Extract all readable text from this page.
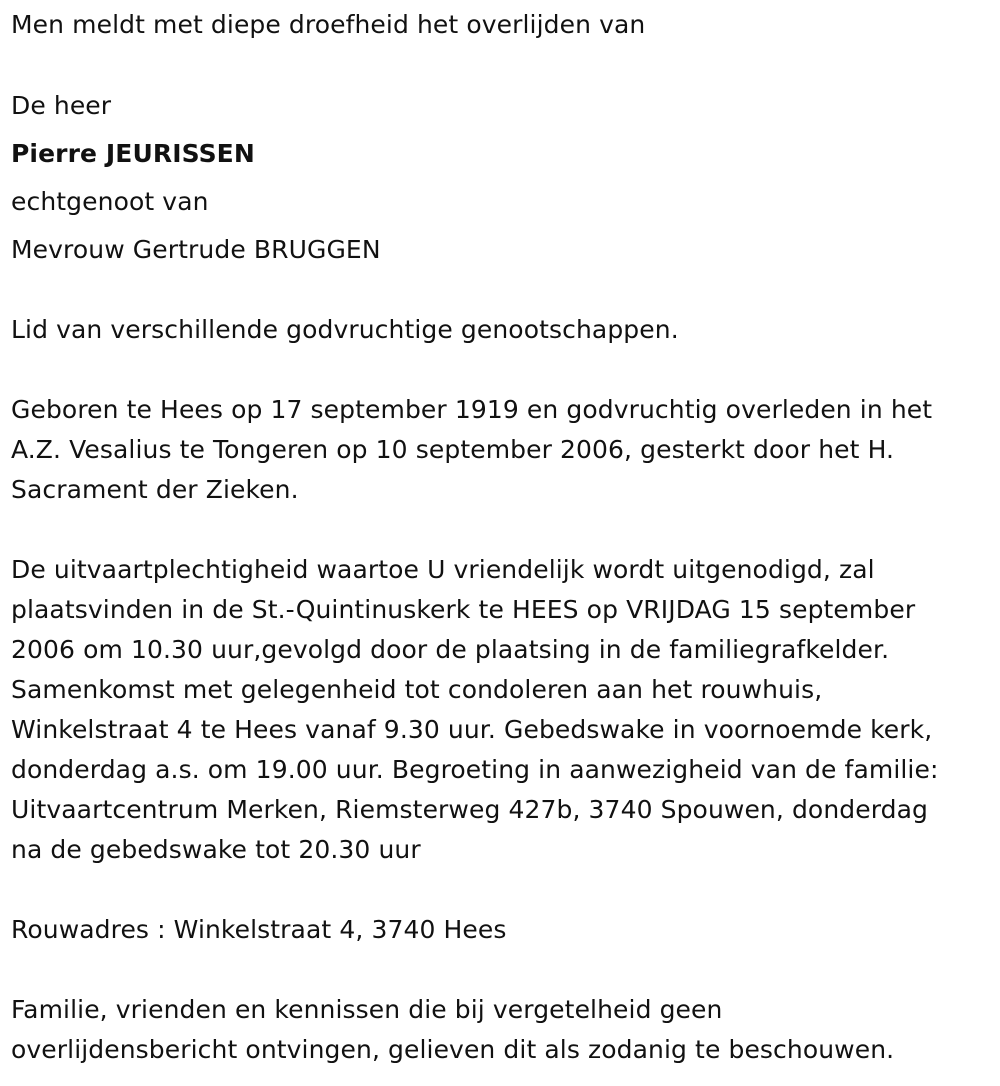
Men meldt met diepe droefheid het overlijden van
De heer
Pierre JEURISSEN
echtgenoot van
Mevrouw Gertrude BRUGGEN
Lid van verschillende godvruchtige genootschappen.
Geboren te Hees op 17 september 1919 en godvruchtig overleden in het
A.Z. Vesalius te Tongeren op 10 september 2006, gesterkt door het H.
Sacrament der Zieken.
De uitvaartplechtigheid waartoe U vriendelijk wordt uitgenodigd, zal
plaatsvinden in de St.-Quintinuskerk te HEES op VRIJDAG 15 september
2006 om 10.30 uur,gevolgd door de plaatsing in de familiegrafkelder.
Samenkomst met gelegenheid tot condoleren aan het rouwhuis,
Winkelstraat 4 te Hees vanaf 9.30 uur. Gebedswake in voornoemde kerk,
donderdag a.s. om 19.00 uur. Begroeting in aanwezigheid van de familie:
Uitvaartcentrum Merken, Riemsterweg 427b, 3740 Spouwen, donderdag
na de gebedswake tot 20.30 uur
Rouwadres : Winkelstraat 4, 3740 Hees
Familie, vrienden en kennissen die bij vergetelheid geen
overlijdensbericht ontvingen, gelieven dit als zodanig te beschouwen.
